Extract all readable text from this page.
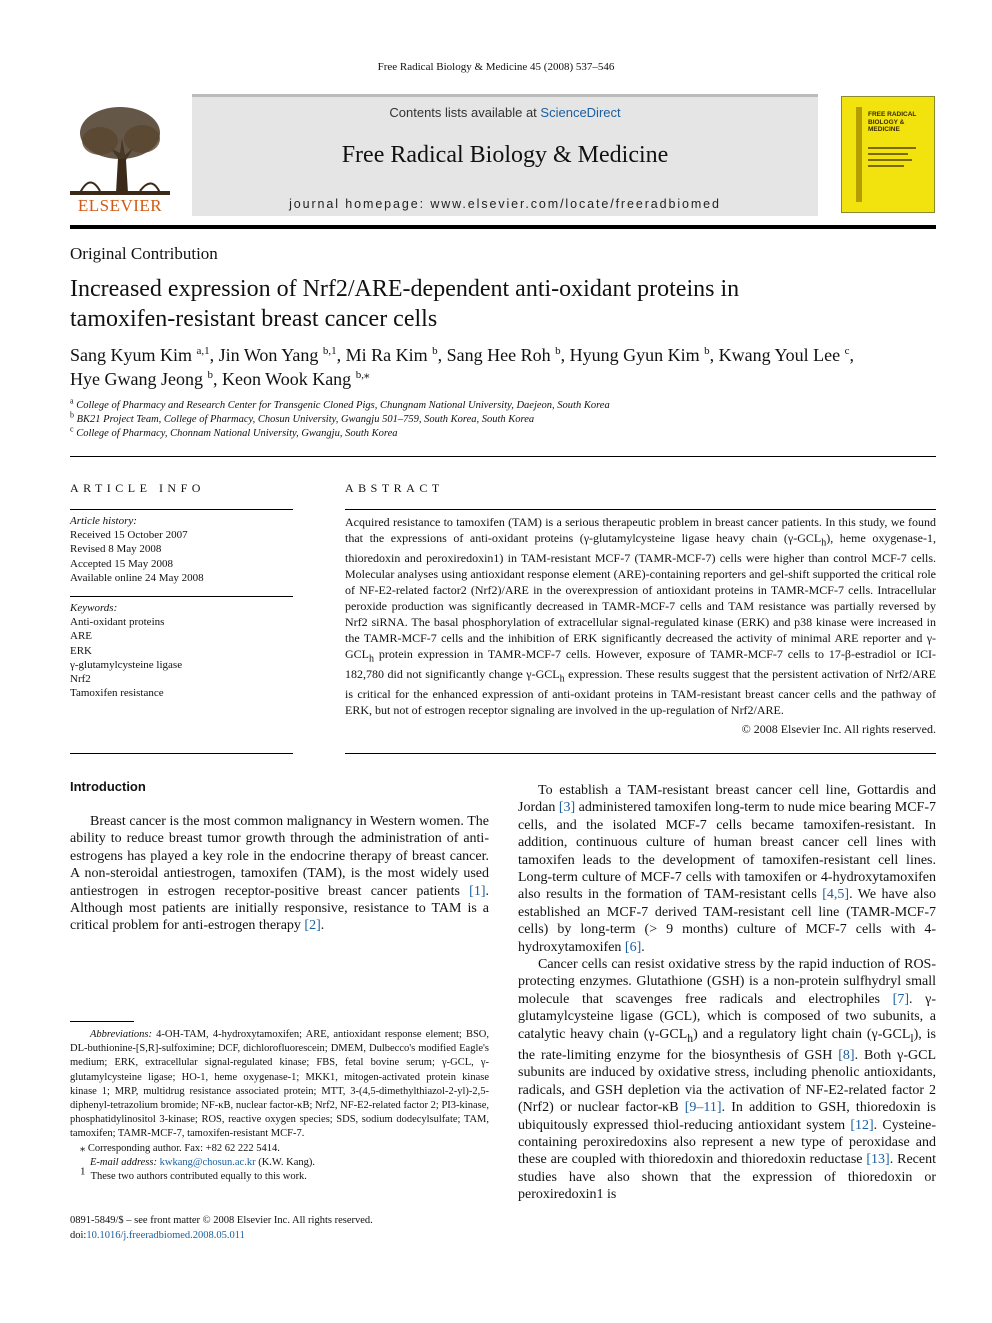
Free Radical Biology & Medicine 45 (2008) 537–546
ELSEVIER
Contents lists available at ScienceDirect
Free Radical Biology & Medicine
journal homepage: www.elsevier.com/locate/freeradbiomed
FREE RADICAL BIOLOGY & MEDICINE
Original Contribution
Increased expression of Nrf2/ARE-dependent anti-oxidant proteins in
tamoxifen-resistant breast cancer cells
Sang Kyum Kim $^{a,1}$, Jin Won Yang $^{b,1}$, Mi Ra Kim $^b$, Sang Hee Roh $^b$, Hyung Gyun Kim $^b$, Kwang Youl Lee $^c$,
Hye Gwang Jeong $^b$, Keon Wook Kang $^{b,⁎}$
$^a$ College of Pharmacy and Research Center for Transgenic Cloned Pigs, Chungnam National University, Daejeon, South Korea
$^b$ BK21 Project Team, College of Pharmacy, Chosun University, Gwangju 501–759, South Korea, South Korea
$^c$ College of Pharmacy, Chonnam National University, Gwangju, South Korea
ARTICLE INFO
Article history:
Received 15 October 2007
Revised 8 May 2008
Accepted 15 May 2008
Available online 24 May 2008
Keywords:
Anti-oxidant proteins
ARE
ERK
γ-glutamylcysteine ligase
Nrf2
Tamoxifen resistance
ABSTRACT
Acquired resistance to tamoxifen (TAM) is a serious therapeutic problem in breast cancer patients. In this study, we found that the expressions of anti-oxidant proteins (γ-glutamylcysteine ligase heavy chain $(\gamma-GCL_h)$, heme oxygenase-1, thioredoxin and peroxiredoxin1) in TAM-resistant MCF-7 (TAMR-MCF-7) cells were higher than control MCF-7 cells. Molecular analyses using antioxidant response element (ARE)-containing reporters and gel-shift supported the critical role of NF-E2-related factor2 (Nrf2)/ARE in the overexpression of antioxidant proteins in TAMR-MCF-7 cells. Intracellular peroxide production was significantly decreased in TAMR-MCF-7 cells and TAM resistance was partially reversed by Nrf2 siRNA. The basal phosphorylation of extracellular signal-regulated kinase (ERK) and p38 kinase were increased in the TAMR-MCF-7 cells and the inhibition of ERK significantly decreased the activity of minimal ARE reporter and $\gamma-GCL_h$ protein expression in TAMR-MCF-7 cells. However, exposure of TAMR-MCF-7 cells to 17-β-estradiol or ICI-182,780 did not significantly change $\gamma-GCL_h$ expression. These results suggest that the persistent activation of Nrf2/ARE is critical for the enhanced expression of anti-oxidant proteins in TAM-resistant breast cancer cells and the pathway of ERK, but not of estrogen receptor signaling are involved in the up-regulation of Nrf2/ARE.
© 2008 Elsevier Inc. All rights reserved.
Introduction

Breast cancer is the most common malignancy in Western women. The ability to reduce breast tumor growth through the administration of anti-estrogens has played a key role in the endocrine therapy of breast cancer. A non-steroidal antiestrogen, tamoxifen (TAM), is the most widely used antiestrogen in estrogen receptor-positive breast cancer patients [1]. Although most patients are initially responsive, resistance to TAM is a critical problem for anti-estrogen therapy [2].

To establish a TAM-resistant breast cancer cell line, Gottardis and Jordan [3] administered tamoxifen long-term to nude mice bearing MCF-7 cells, and the isolated MCF-7 cells became tamoxifen-resistant. In addition, continuous culture of human breast cancer cell lines with tamoxifen leads to the development of tamoxifen-resistant cell lines. Long-term culture of MCF-7 cells with tamoxifen or 4-hydroxytamoxifen also results in the formation of TAM-resistant cells [4,5]. We have also established an MCF-7 derived TAM-resistant cell line (TAMR-MCF-7 cells) by long-term (> 9 months) culture of MCF-7 cells with 4-hydroxytamoxifen [6].

Cancer cells can resist oxidative stress by the rapid induction of ROS-protecting enzymes. Glutathione (GSH) is a non-protein sulfhydryl small molecule that scavenges free radicals and electrophiles [7]. γ-glutamylcysteine ligase (GCL), which is composed of two subunits, a catalytic heavy chain $(\gamma-GCL_h)$ and a regulatory light chain $(\gamma-GCL_l)$, is the rate-limiting enzyme for the biosynthesis of GSH [8]. Both γ-GCL subunits are induced by oxidative stress, including phenolic antioxidants, radicals, and GSH depletion via the activation of NF-E2-related factor 2 (Nrf2) or nuclear factor-κB [9–11]. In addition to GSH, thioredoxin is ubiquitously expressed thiol-reducing antioxidant system [12]. Cysteine-containing peroxiredoxins also represent a new type of peroxidase and these are coupled with thioredoxin and thioredoxin reductase [13]. Recent studies have also shown that the expression of thioredoxin or peroxiredoxin1 is

Abbreviations: 4-OH-TAM, 4-hydroxytamoxifen; ARE, antioxidant response element; BSO, DL-buthionine-[S,R]-sulfoximine; DCF, dichlorofluorescein; DMEM, Dulbecco's modified Eagle's medium; ERK, extracellular signal-regulated kinase; FBS, fetal bovine serum; γ-GCL, γ-glutamylcysteine ligase; HO-1, heme oxygenase-1; MKK1, mitogen-activated protein kinase kinase 1; MRP, multidrug resistance associated protein; MTT, 3-(4,5-dimethylthiazol-2-yl)-2,5-diphenyl-tetrazolium bromide; NF-κB, nuclear factor-κB; Nrf2, NF-E2-related factor 2; PI3-kinase, phosphatidylinositol 3-kinase; ROS, reactive oxygen species; SDS, sodium dodecylsulfate; TAM, tamoxifen; TAMR-MCF-7, tamoxifen-resistant MCF-7.

⁎ Corresponding author. Fax: +82 62 222 5414.

E-mail address: kwkang@chosun.ac.kr (K.W. Kang).

$^1$ These two authors contributed equally to this work.

0891-5849/$ – see front matter © 2008 Elsevier Inc. All rights reserved.
doi:10.1016/j.freeradbiomed.2008.05.011
